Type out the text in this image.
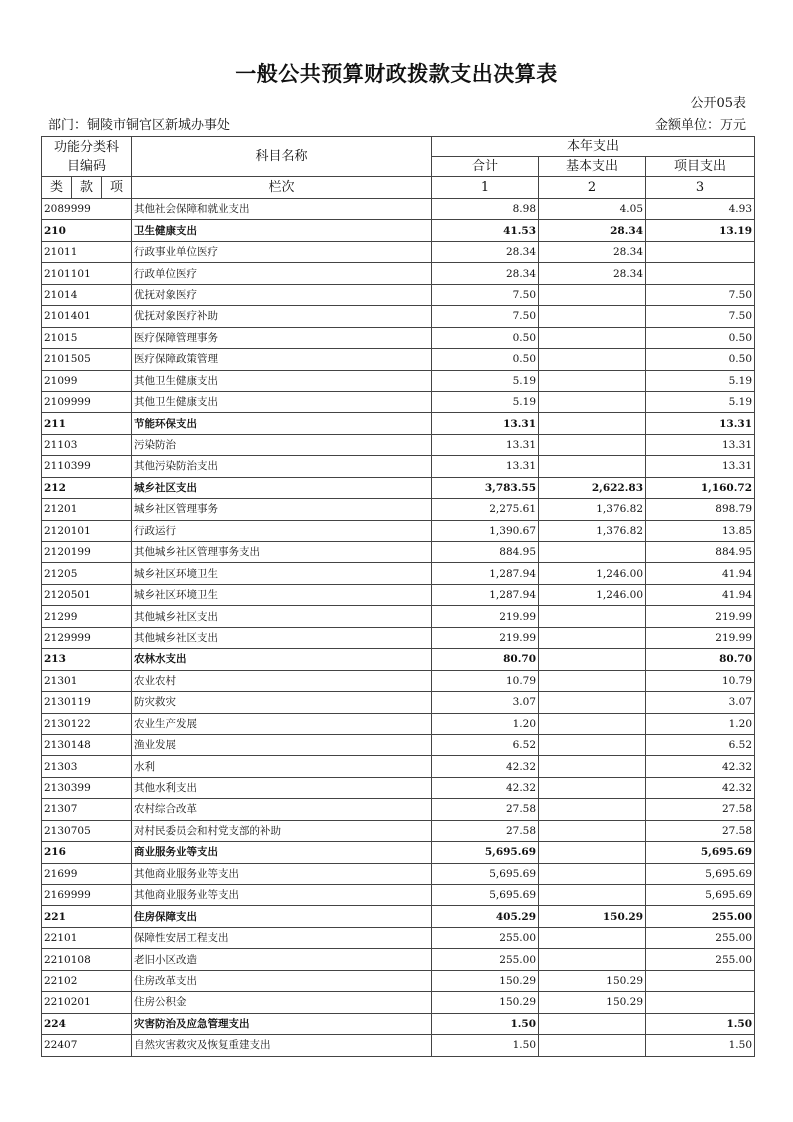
一般公共预算财政拨款支出决算表
公开05表
部门：铜陵市铜官区新城办事处	金额单位：万元
功能分类科目编码			科目名称	本年支出		
				合计	基本支出	项目支出
类	款	项	栏次	1	2	3
2089999			其他社会保障和就业支出	8.98	4.05	4.93
210			卫生健康支出	41.53	28.34	13.19
21011			行政事业单位医疗	28.34	28.34	
2101101			行政单位医疗	28.34	28.34	
21014			优抚对象医疗	7.50		7.50
2101401			优抚对象医疗补助	7.50		7.50
21015			医疗保障管理事务	0.50		0.50
2101505			医疗保障政策管理	0.50		0.50
21099			其他卫生健康支出	5.19		5.19
2109999			其他卫生健康支出	5.19		5.19
211			节能环保支出	13.31		13.31
21103			污染防治	13.31		13.31
2110399			其他污染防治支出	13.31		13.31
212			城乡社区支出	3,783.55	2,622.83	1,160.72
21201			城乡社区管理事务	2,275.61	1,376.82	898.79
2120101			行政运行	1,390.67	1,376.82	13.85
2120199			其他城乡社区管理事务支出	884.95		884.95
21205			城乡社区环境卫生	1,287.94	1,246.00	41.94
2120501			城乡社区环境卫生	1,287.94	1,246.00	41.94
21299			其他城乡社区支出	219.99		219.99
2129999			其他城乡社区支出	219.99		219.99
213			农林水支出	80.70		80.70
21301			农业农村	10.79		10.79
2130119			防灾救灾	3.07		3.07
2130122			农业生产发展	1.20		1.20
2130148			渔业发展	6.52		6.52
21303			水利	42.32		42.32
2130399			其他水利支出	42.32		42.32
21307			农村综合改革	27.58		27.58
2130705			对村民委员会和村党支部的补助	27.58		27.58
216			商业服务业等支出	5,695.69		5,695.69
21699			其他商业服务业等支出	5,695.69		5,695.69
2169999			其他商业服务业等支出	5,695.69		5,695.69
221			住房保障支出	405.29	150.29	255.00
22101			保障性安居工程支出	255.00		255.00
2210108			老旧小区改造	255.00		255.00
22102			住房改革支出	150.29	150.29	
2210201			住房公积金	150.29	150.29	
224			灾害防治及应急管理支出	1.50		1.50
22407			自然灾害救灾及恢复重建支出	1.50		1.50
